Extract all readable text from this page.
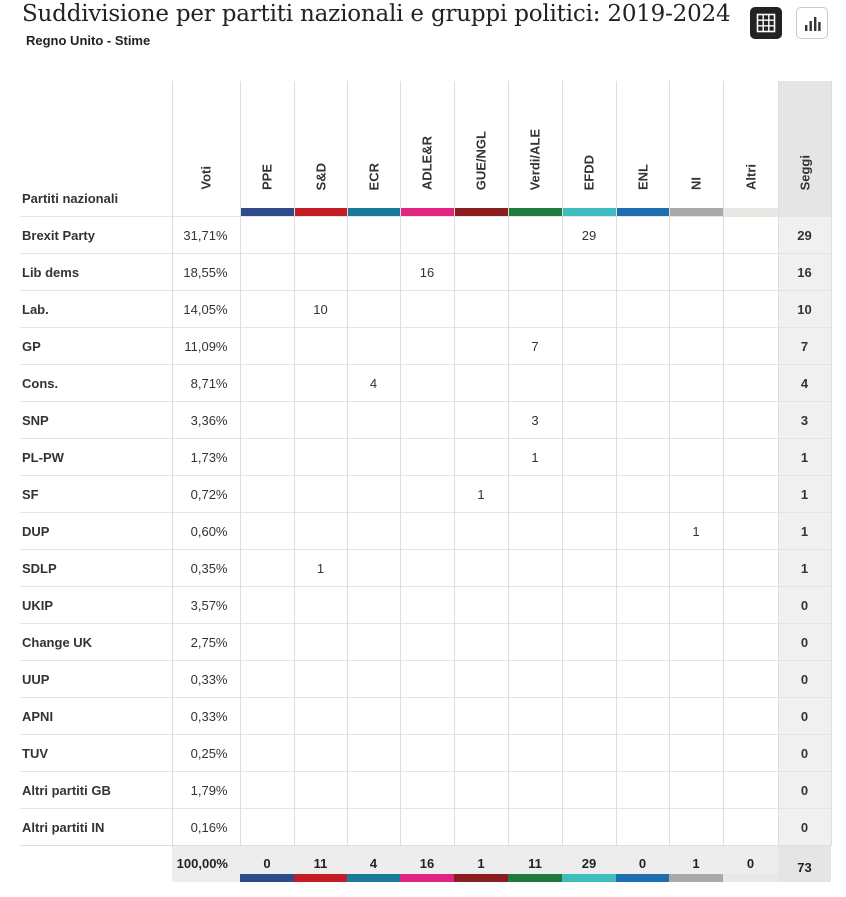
Suddivisione per partiti nazionali e gruppi politici: 2019-2024
Regno Unito - Stime
Partiti nazionali	Voti	PPE	S&D	ECR	ADLE&R	GUE/NGL	Verdi/ALE	EFDD	ENL	NI	Altri	Seggi

Brexit Party	31,71%							29				29
Lib dems	18,55%				16							16
Lab.	14,05%		10									10
GP	11,09%						7					7
Cons.	8,71%			4								4
SNP	3,36%						3					3
PL-PW	1,73%						1					1
SF	0,72%					1						1
DUP	0,60%									1		1
SDLP	0,35%		1									1
UKIP	3,57%											0
Change UK	2,75%											0
UUP	0,33%											0
APNI	0,33%											0
TUV	0,25%											0
Altri partiti GB	1,79%											0
Altri partiti IN	0,16%											0
	100,00%	0	11	4	16	1	11	29	0	1	0	73
